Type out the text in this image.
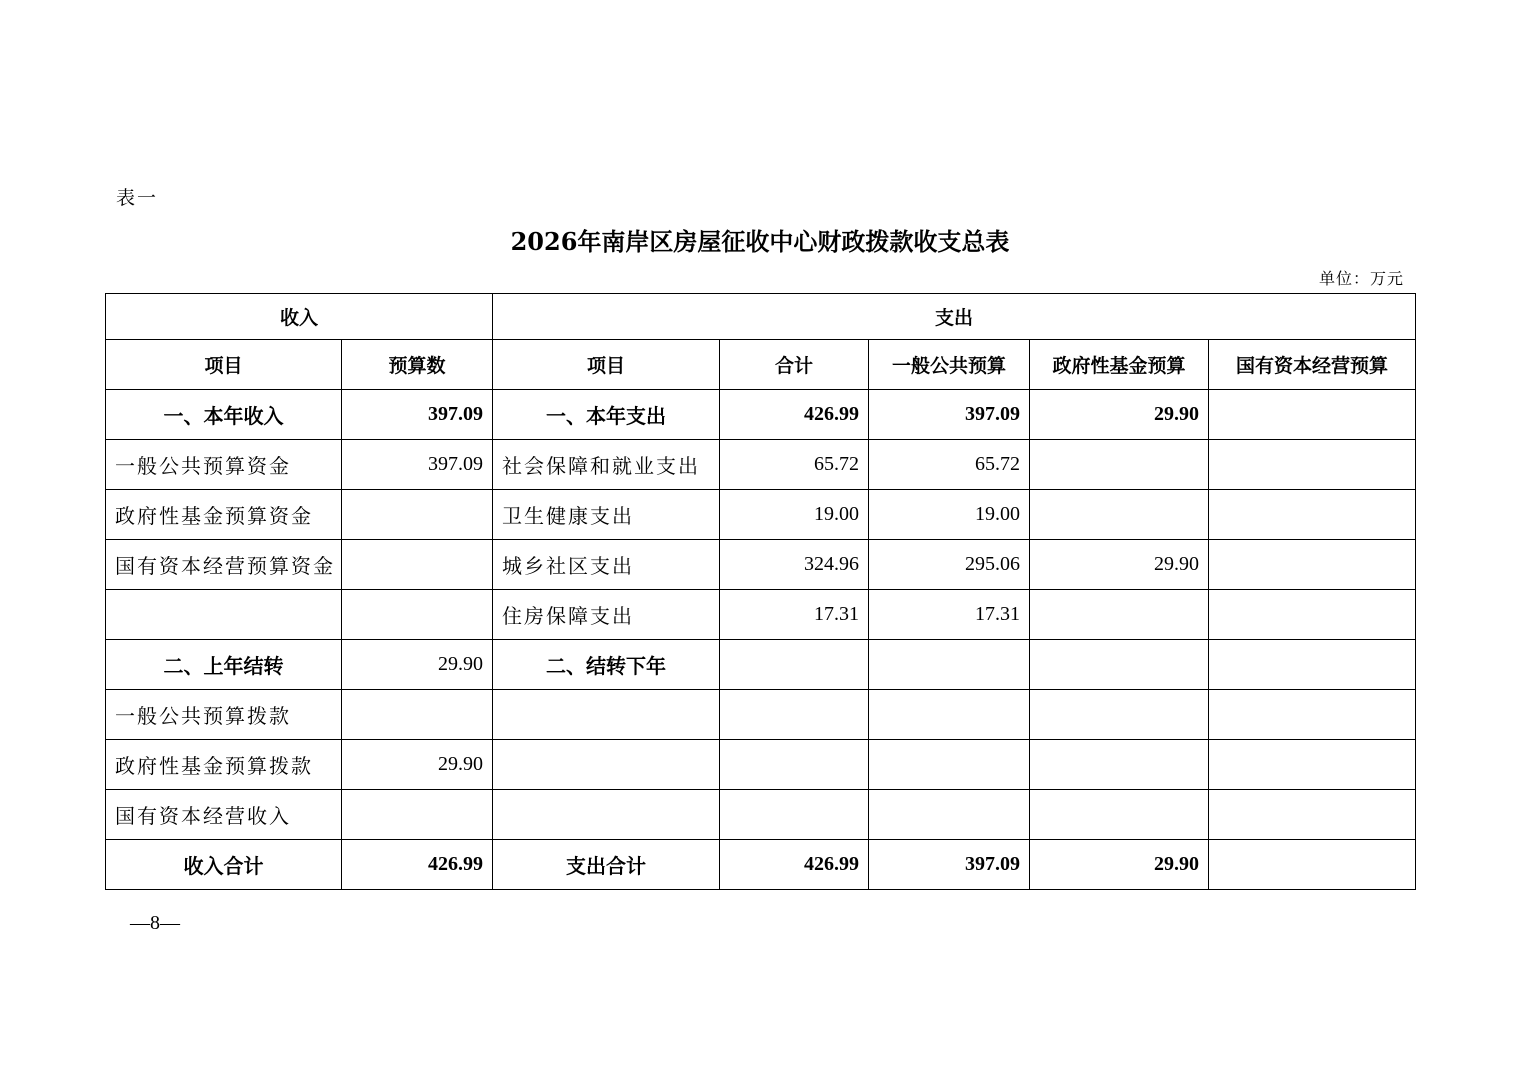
表一
2026年南岸区房屋征收中心财政拨款收支总表
单位：万元
收入		支出				
项目	预算数	项目	合计	一般公共预算	政府性基金预算	国有资本经营预算
一、本年收入	397.09	一、本年支出	426.99	397.09	29.90	
一般公共预算资金	397.09	社会保障和就业支出	65.72	65.72		
政府性基金预算资金		卫生健康支出	19.00	19.00		
国有资本经营预算资金		城乡社区支出	324.96	295.06	29.90	
		住房保障支出	17.31	17.31		
二、上年结转	29.90	二、结转下年				
一般公共预算拨款						
政府性基金预算拨款	29.90					
国有资本经营收入						
收入合计	426.99	支出合计	426.99	397.09	29.90	
—8—
